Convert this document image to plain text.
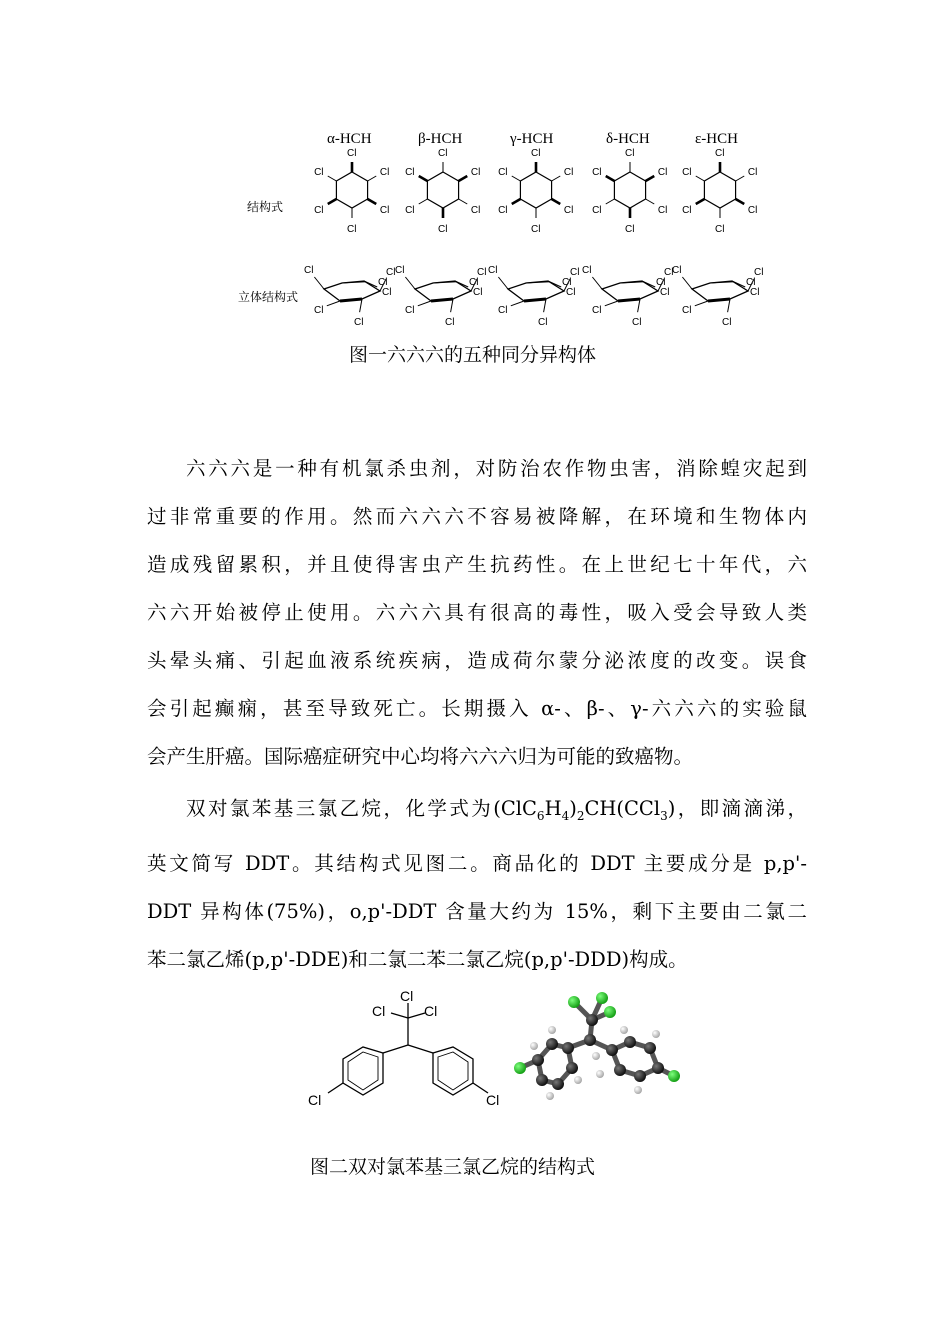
α-HCH	β-HCH	γ-HCH	δ-HCH	ε-HCH
结构式
立体结构式
Cl
Cl
Cl
Cl
Cl
Cl
Cl
Cl
Cl
Cl
Cl
Cl
Cl
Cl
Cl
Cl
Cl
Cl
Cl
Cl
Cl
Cl
Cl
Cl
Cl
Cl
Cl
Cl
Cl
Cl
Cl
Cl
Cl
Cl
Cl
Cl
Cl
Cl
Cl
Cl
Cl
Cl
Cl
Cl
Cl
Cl
Cl
Cl
Cl
Cl
Cl
Cl
Cl
Cl
Cl
Cl
Cl
Cl
Cl
Cl
图一六六六的五种同分异构体
六六六是一种有机氯杀虫剂，对防治农作物虫害，消除蝗灾起到
过非常重要的作用。然而六六六不容易被降解，在环境和生物体内
造成残留累积，并且使得害虫产生抗药性。在上世纪七十年代，六
六六开始被停止使用。六六六具有很高的毒性，吸入受会导致人类
头晕头痛、引起血液系统疾病，造成荷尔蒙分泌浓度的改变。误食
会引起癫痫，甚至导致死亡。长期摄入 α-、β-、γ-六六六的实验鼠
会产生肝癌。国际癌症研究中心均将六六六归为可能的致癌物。
双对氯苯基三氯乙烷，化学式为$(ClC_6H_4)_2CH(CCl_3)$，即滴滴涕，
英文简写 DDT。其结构式见图二。商品化的 DDT 主要成分是 p,p'-
DDT 异构体(75%)，o,p'-DDT 含量大约为 15%，剩下主要由二氯二
苯二氯乙烯(p,p'-DDE)和二氯二苯二氯乙烷(p,p'-DDD)构成。
Cl
Cl	Cl
Cl	Cl
图二双对氯苯基三氯乙烷的结构式
